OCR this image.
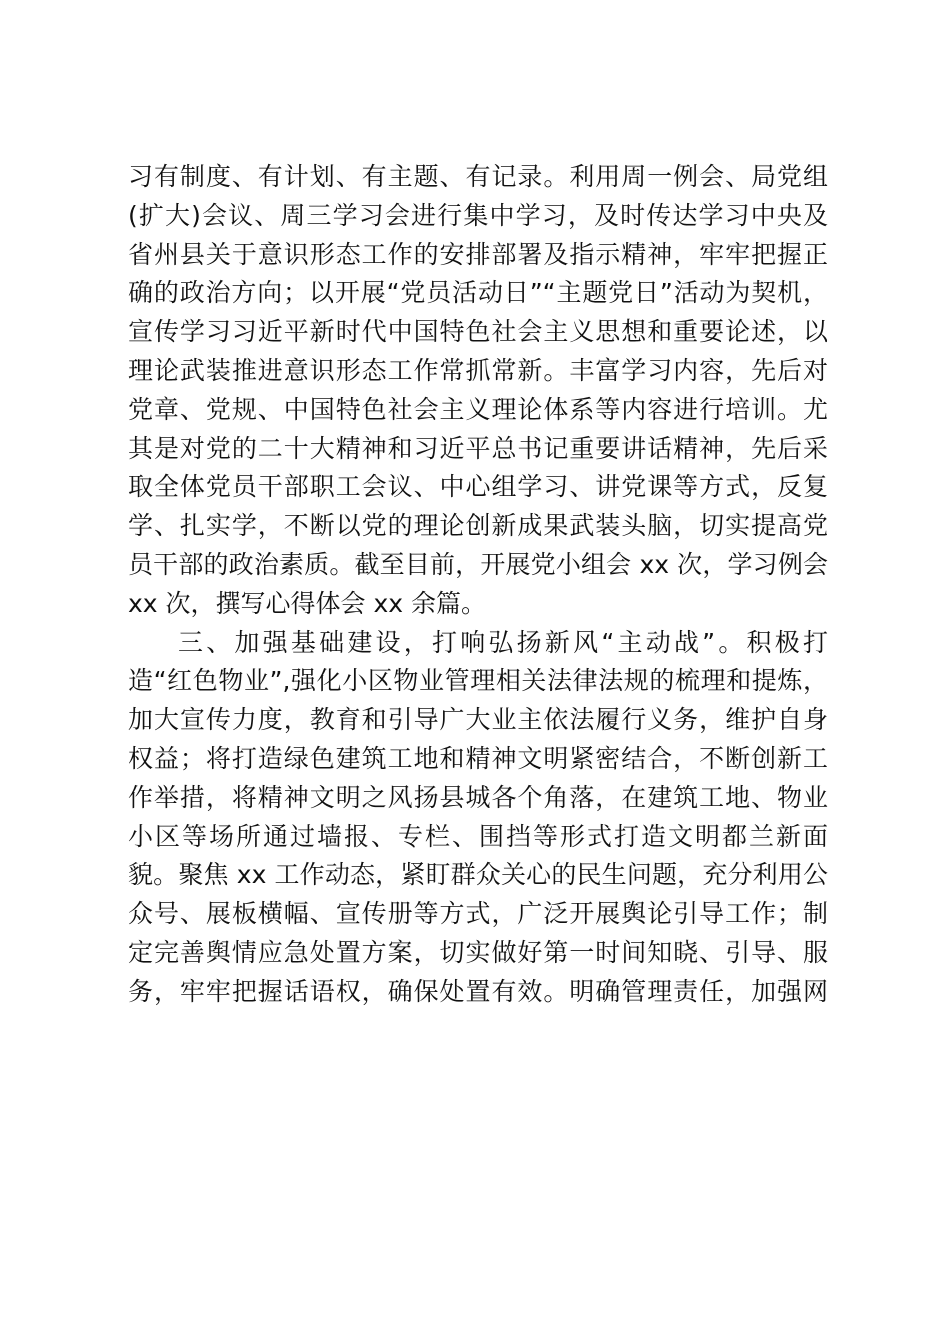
习有制度、有计划、有主题、有记录。利用周一例会、局党组
(扩大)会议、周三学习会进行集中学习，及时传达学习中央及
省州县关于意识形态工作的安排部署及指示精神，牢牢把握正
确的政治方向；以开展“党员活动日”“主题党日”活动为契机，
宣传学习习近平新时代中国特色社会主义思想和重要论述，以
理论武装推进意识形态工作常抓常新。丰富学习内容，先后对
党章、党规、中国特色社会主义理论体系等内容进行培训。尤
其是对党的二十大精神和习近平总书记重要讲话精神，先后采
取全体党员干部职工会议、中心组学习、讲党课等方式，反复
学、扎实学，不断以党的理论创新成果武装头脑，切实提高党
员干部的政治素质。截至目前，开展党小组会 xx 次，学习例会
xx 次，撰写心得体会 xx 余篇。
三、加强基础建设，打响弘扬新风“主动战”。积极打
造“红色物业”,强化小区物业管理相关法律法规的梳理和提炼，
加大宣传力度，教育和引导广大业主依法履行义务，维护自身
权益；将打造绿色建筑工地和精神文明紧密结合，不断创新工
作举措，将精神文明之风扬县城各个角落，在建筑工地、物业
小区等场所通过墙报、专栏、围挡等形式打造文明都兰新面
貌。聚焦 xx 工作动态，紧盯群众关心的民生问题，充分利用公
众号、展板横幅、宣传册等方式，广泛开展舆论引导工作；制
定完善舆情应急处置方案，切实做好第一时间知晓、引导、服
务，牢牢把握话语权，确保处置有效。明确管理责任，加强网
